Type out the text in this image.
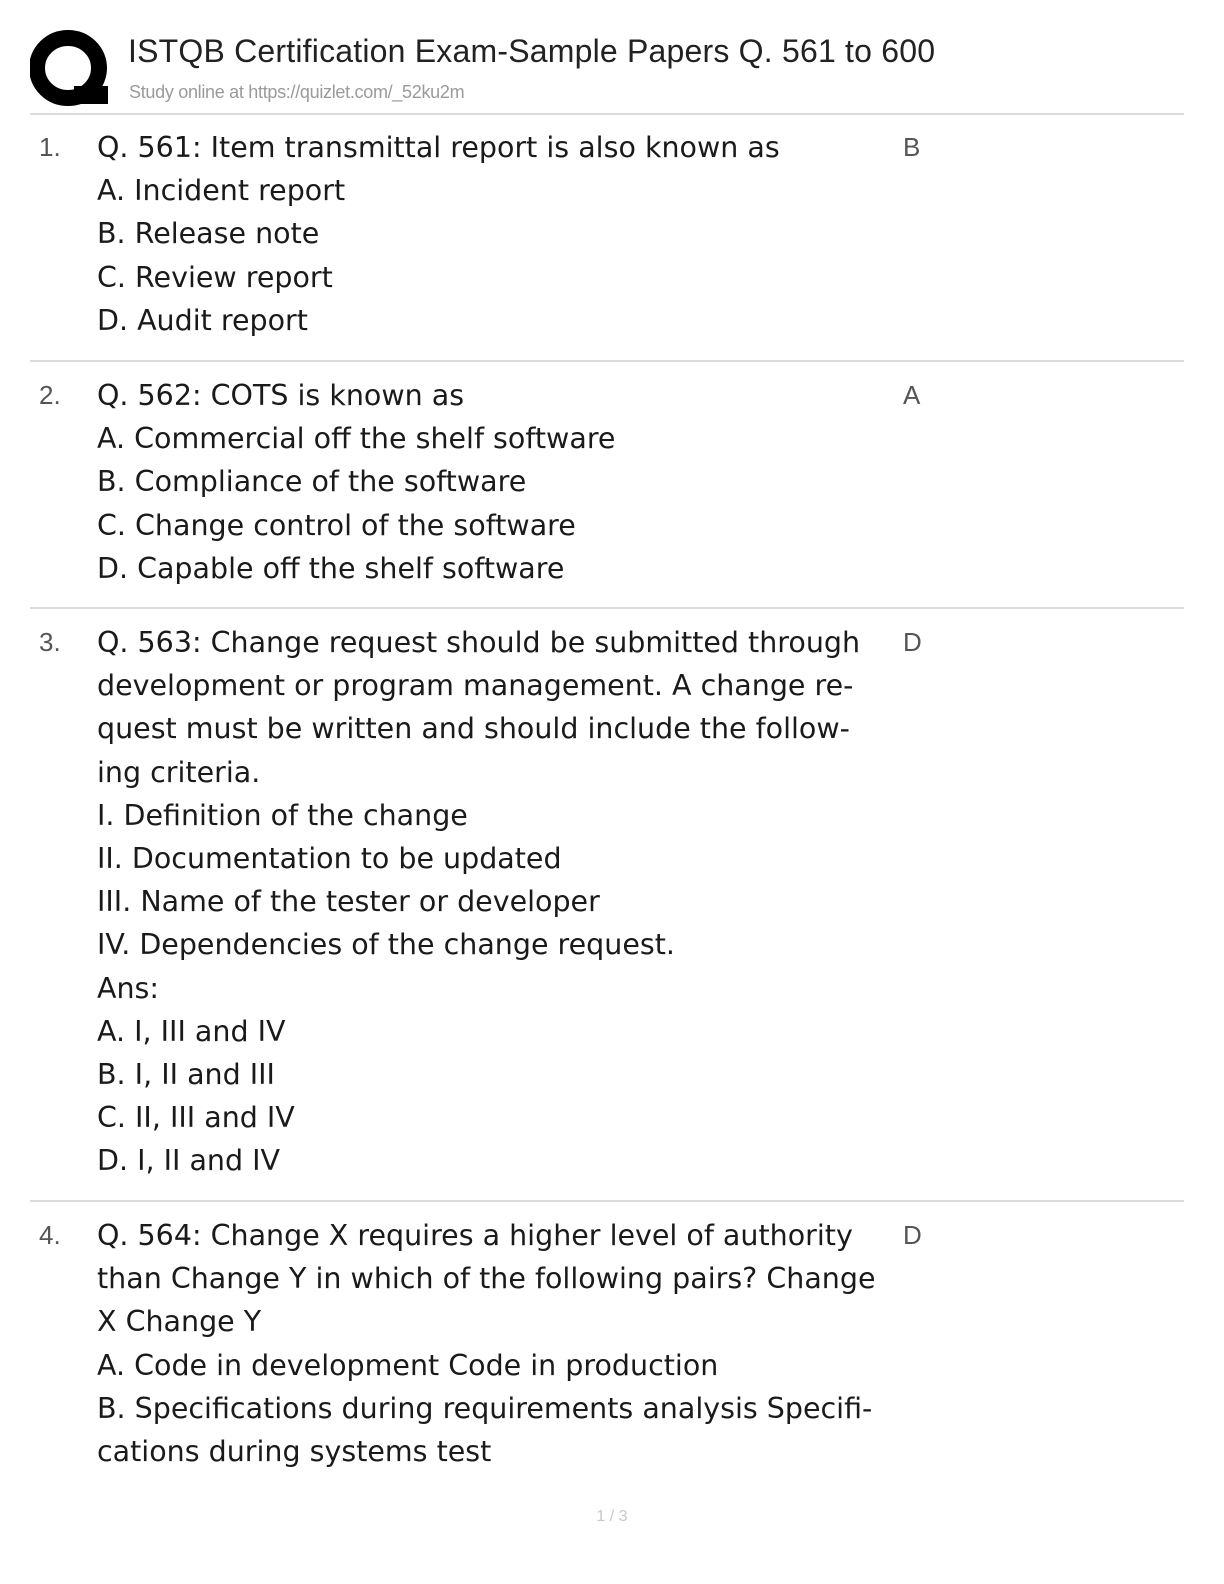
ISTQB Certification Exam-Sample Papers Q. 561 to 600
Study online at https://quizlet.com/_52ku2m
1. Q. 561: Item transmittal report is also known as
A. Incident report
B. Release note
C. Review report
D. Audit report
B
2. Q. 562: COTS is known as
A. Commercial off the shelf software
B. Compliance of the software
C. Change control of the software
D. Capable off the shelf software
A
3. Q. 563: Change request should be submitted through
development or program management. A change re-
quest must be written and should include the follow-
ing criteria.
I. Definition of the change
II. Documentation to be updated
III. Name of the tester or developer
IV. Dependencies of the change request.
Ans:
A. I, III and IV
B. I, II and III
C. II, III and IV
D. I, II and IV
D
4. Q. 564: Change X requires a higher level of authority
than Change Y in which of the following pairs? Change
X Change Y
A. Code in development Code in production
B. Specifications during requirements analysis Specifi-
cations during systems test
D
1 / 3
